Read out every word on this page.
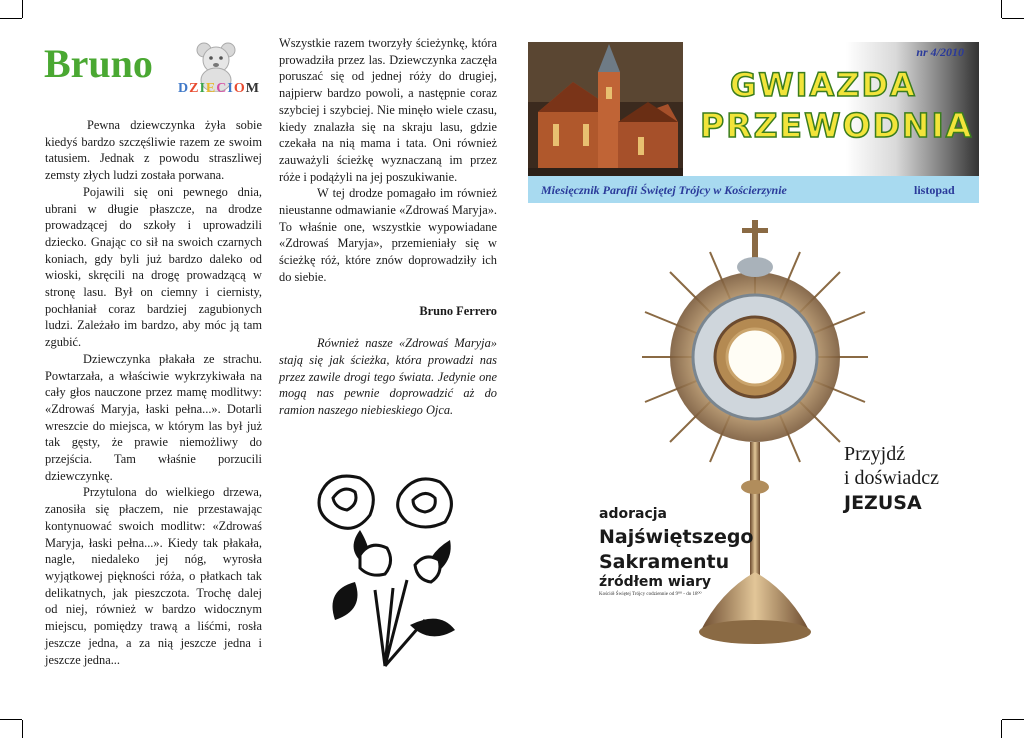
Bruno
DZIECIOM

Pewna dziewczynka żyła sobie kiedyś bardzo szczęśliwie razem ze swoim tatusiem. Jednak z powodu straszliwej zemsty złych ludzi została porwana.

Pojawili się oni pewnego dnia, ubrani w długie płaszcze, na drodze prowadzącej do szkoły i uprowadzili dziecko. Gnając co sił na swoich czarnych koniach, gdy byli już bardzo daleko od wioski, skręcili na drogę prowadzącą w stronę lasu. Był on ciemny i ciernisty, pochłaniał coraz bardziej zagubionych ludzi. Zależało im bardzo, aby móc ją tam zgubić.

Dziewczynka płakała ze strachu. Powtarzała, a właściwie wykrzykiwała na cały głos nauczone przez mamę modlitwy: «Zdrowaś Maryja, łaski pełna...». Dotarli wreszcie do miejsca, w którym las był już tak gęsty, że prawie niemożliwy do przejścia. Tam właśnie porzucili dziewczynkę.

Przytulona do wielkiego drzewa, zanosiła się płaczem, nie przestawając kontynuować swoich modlitw: «Zdrowaś Maryja, łaski pełna...». Kiedy tak płakała, nagle, niedaleko jej nóg, wyrosła wyjątkowej piękności róża, o płatkach tak delikatnych, jak pieszczota. Trochę dalej od niej, również w bardzo widocznym miejscu, pomiędzy trawą a liśćmi, rosła jeszcze jedna, a za nią jeszcze jedna i jeszcze jedna...

Wszystkie razem tworzyły ścieżynkę, która prowadziła przez las. Dziewczynka zaczęła poruszać się od jednej róży do drugiej, najpierw bardzo powoli, a następnie coraz szybciej i szybciej. Nie minęło wiele czasu, kiedy znalazła się na skraju lasu, gdzie czekała na nią mama i tata. Oni również zauważyli ścieżkę wyznaczaną im przez róże i podążyli na jej poszukiwanie.

W tej drodze pomagało im również nieustanne odmawianie «Zdrowaś Maryja». To właśnie one, wszystkie wypowiadane «Zdrowaś Maryja», przemieniały się w ścieżkę róż, które znów doprowadziły ich do siebie.

Bruno Ferrero

Również nasze «Zdrowaś Maryja» stają się jak ścieżka, która prowadzi nas przez zawile drogi tego świata. Jedynie one mogą nas pewnie doprowadzić aż do ramion naszego niebieskiego Ojca.

nr 4/2010
GWIAZDA
PRZEWODNIA
Miesięcznik Parafii Świętej Trójcy w Kościerzynie	listopad
Przyjdź
i doświadcz
JEZUSA
adoracja
Najświętszego
Sakramentu
źródłem wiary
Kościół Świętej Trójcy codziennie od 9⁰⁰ - do 18⁰⁰
